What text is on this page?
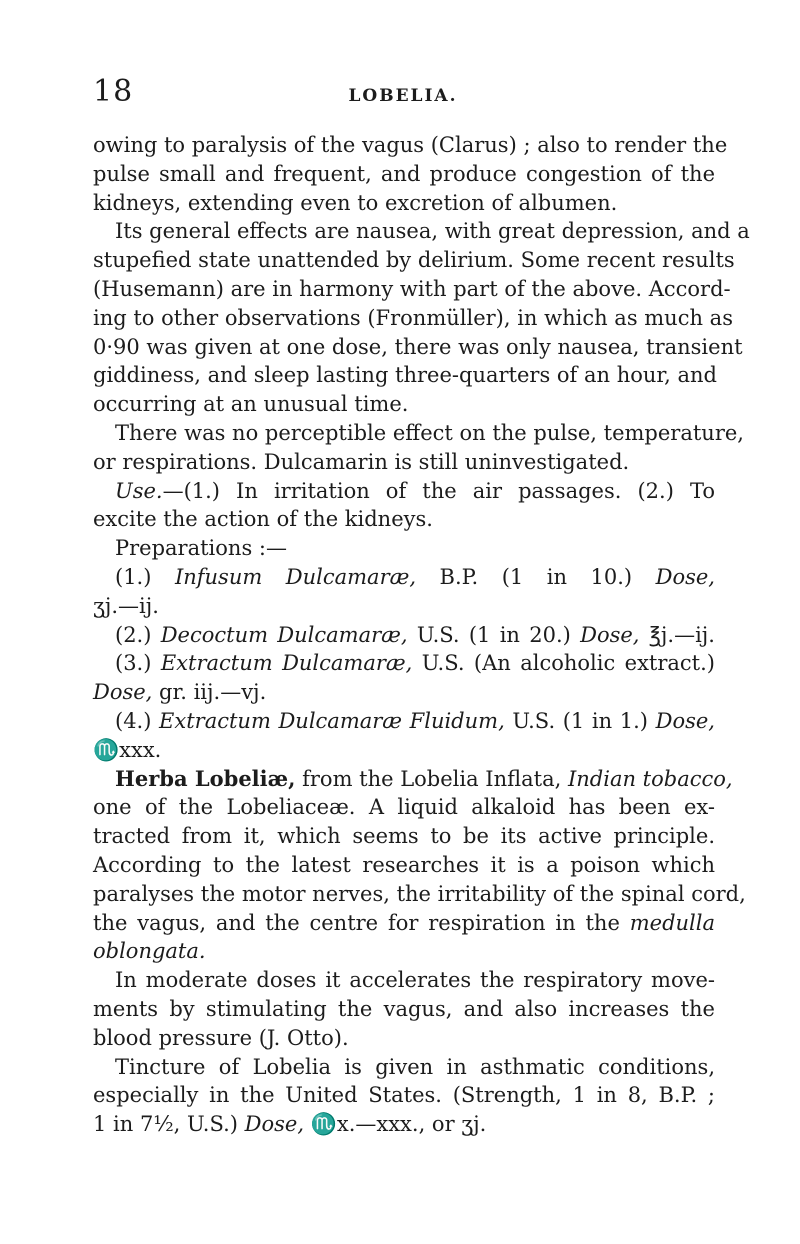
18	LOBELIA.
owing to paralysis of the vagus (Clarus) ; also to render the
pulse small and frequent, and produce congestion of the
kidneys, extending even to excretion of albumen.
Its general effects are nausea, with great depression, and a
stupefied state unattended by delirium. Some recent results
(Husemann) are in harmony with part of the above. Accord-
ing to other observations (Fronmüller), in which as much as
0·90 was given at one dose, there was only nausea, transient
giddiness, and sleep lasting three-quarters of an hour, and
occurring at an unusual time.
There was no perceptible effect on the pulse, temperature,
or respirations. Dulcamarin is still uninvestigated.
Use.—(1.) In irritation of the air passages. (2.) To
excite the action of the kidneys.
Preparations :—
(1.) Infusum Dulcamaræ, B.P. (1 in 10.) Dose,
ʒj.—ij.
(2.) Decoctum Dulcamaræ, U.S. (1 in 20.) Dose, ℥j.—ij.
(3.) Extractum Dulcamaræ, U.S. (An alcoholic extract.)
Dose, gr. iij.—vj.
(4.) Extractum Dulcamaræ Fluidum, U.S. (1 in 1.) Dose,
♏xxx.
Herba Lobeliæ, from the Lobelia Inflata, Indian tobacco,
one of the Lobeliaceæ. A liquid alkaloid has been ex-
tracted from it, which seems to be its active principle.
According to the latest researches it is a poison which
paralyses the motor nerves, the irritability of the spinal cord,
the vagus, and the centre for respiration in the medulla
oblongata.
In moderate doses it accelerates the respiratory move-
ments by stimulating the vagus, and also increases the
blood pressure (J. Otto).
Tincture of Lobelia is given in asthmatic conditions,
especially in the United States. (Strength, 1 in 8, B.P. ;
1 in 7½, U.S.) Dose, ♏x.—xxx., or ʒj.
